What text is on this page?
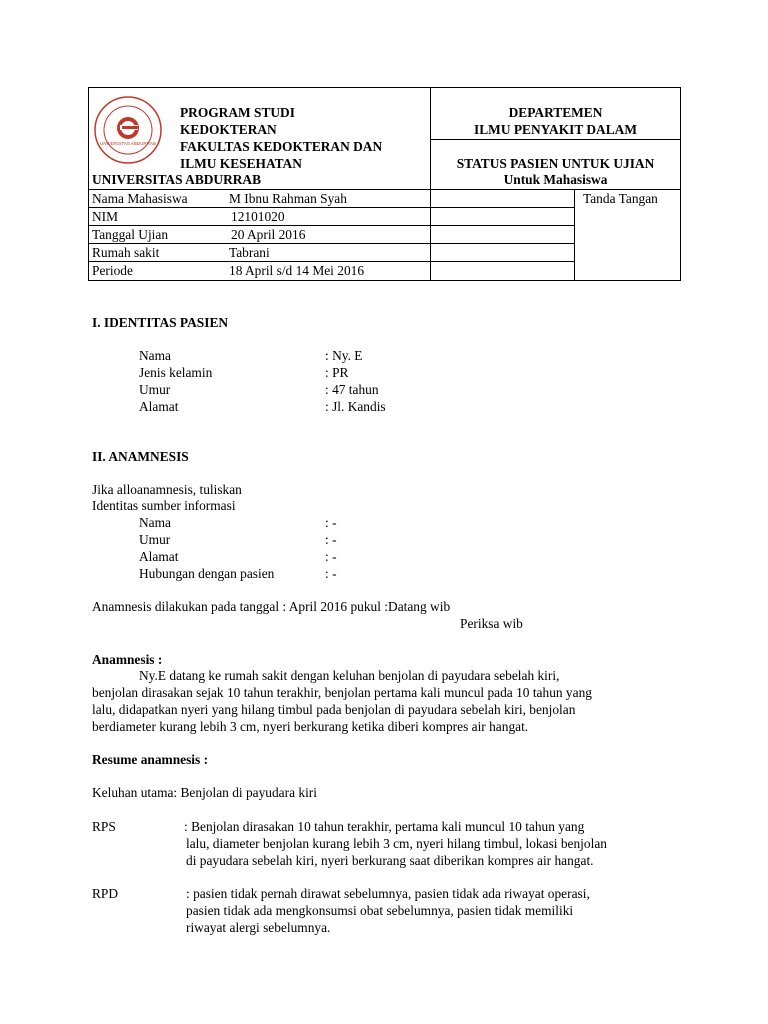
UNIVERSITAS ABDURRAB
PROGRAM STUDI
KEDOKTERAN
FAKULTAS KEDOKTERAN DAN
ILMU KESEHATAN
UNIVERSITAS ABDURRAB
DEPARTEMEN
ILMU PENYAKIT DALAM
STATUS PASIEN UNTUK UJIAN
Untuk Mahasiswa
Tanda Tangan
Nama Mahasiswa	M Ibnu Rahman Syah
NIM	12101020
Tanggal Ujian	20 April 2016
Rumah sakit	Tabrani
Periode	18 April s/d 14 Mei 2016
I. IDENTITAS PASIEN
Nama	: Ny. E
Jenis kelamin	: PR
Umur	: 47 tahun
Alamat	: Jl. Kandis
II. ANAMNESIS
Jika alloanamnesis, tuliskan
Identitas sumber informasi
Nama	: -
Umur	: -
Alamat	: -
Hubungan dengan pasien	: -
Anamnesis dilakukan pada tanggal : April 2016 pukul :Datang wib
Periksa wib
Anamnesis :
Ny.E datang ke rumah sakit dengan keluhan benjolan di payudara sebelah kiri,
benjolan dirasakan sejak 10 tahun terakhir, benjolan pertama kali muncul pada 10 tahun yang
lalu, didapatkan nyeri yang hilang timbul pada benjolan di payudara sebelah kiri, benjolan
berdiameter kurang lebih 3 cm, nyeri berkurang ketika diberi kompres air hangat.
Resume anamnesis :
Keluhan utama: Benjolan di payudara kiri
RPS	: Benjolan dirasakan 10 tahun terakhir, pertama kali muncul 10 tahun yang
lalu, diameter benjolan kurang lebih 3 cm, nyeri hilang timbul, lokasi benjolan
di payudara sebelah kiri, nyeri berkurang saat diberikan kompres air hangat.
RPD	: pasien tidak pernah dirawat sebelumnya, pasien tidak ada riwayat operasi,
pasien tidak ada mengkonsumsi obat sebelumnya, pasien tidak memiliki
riwayat alergi sebelumnya.
